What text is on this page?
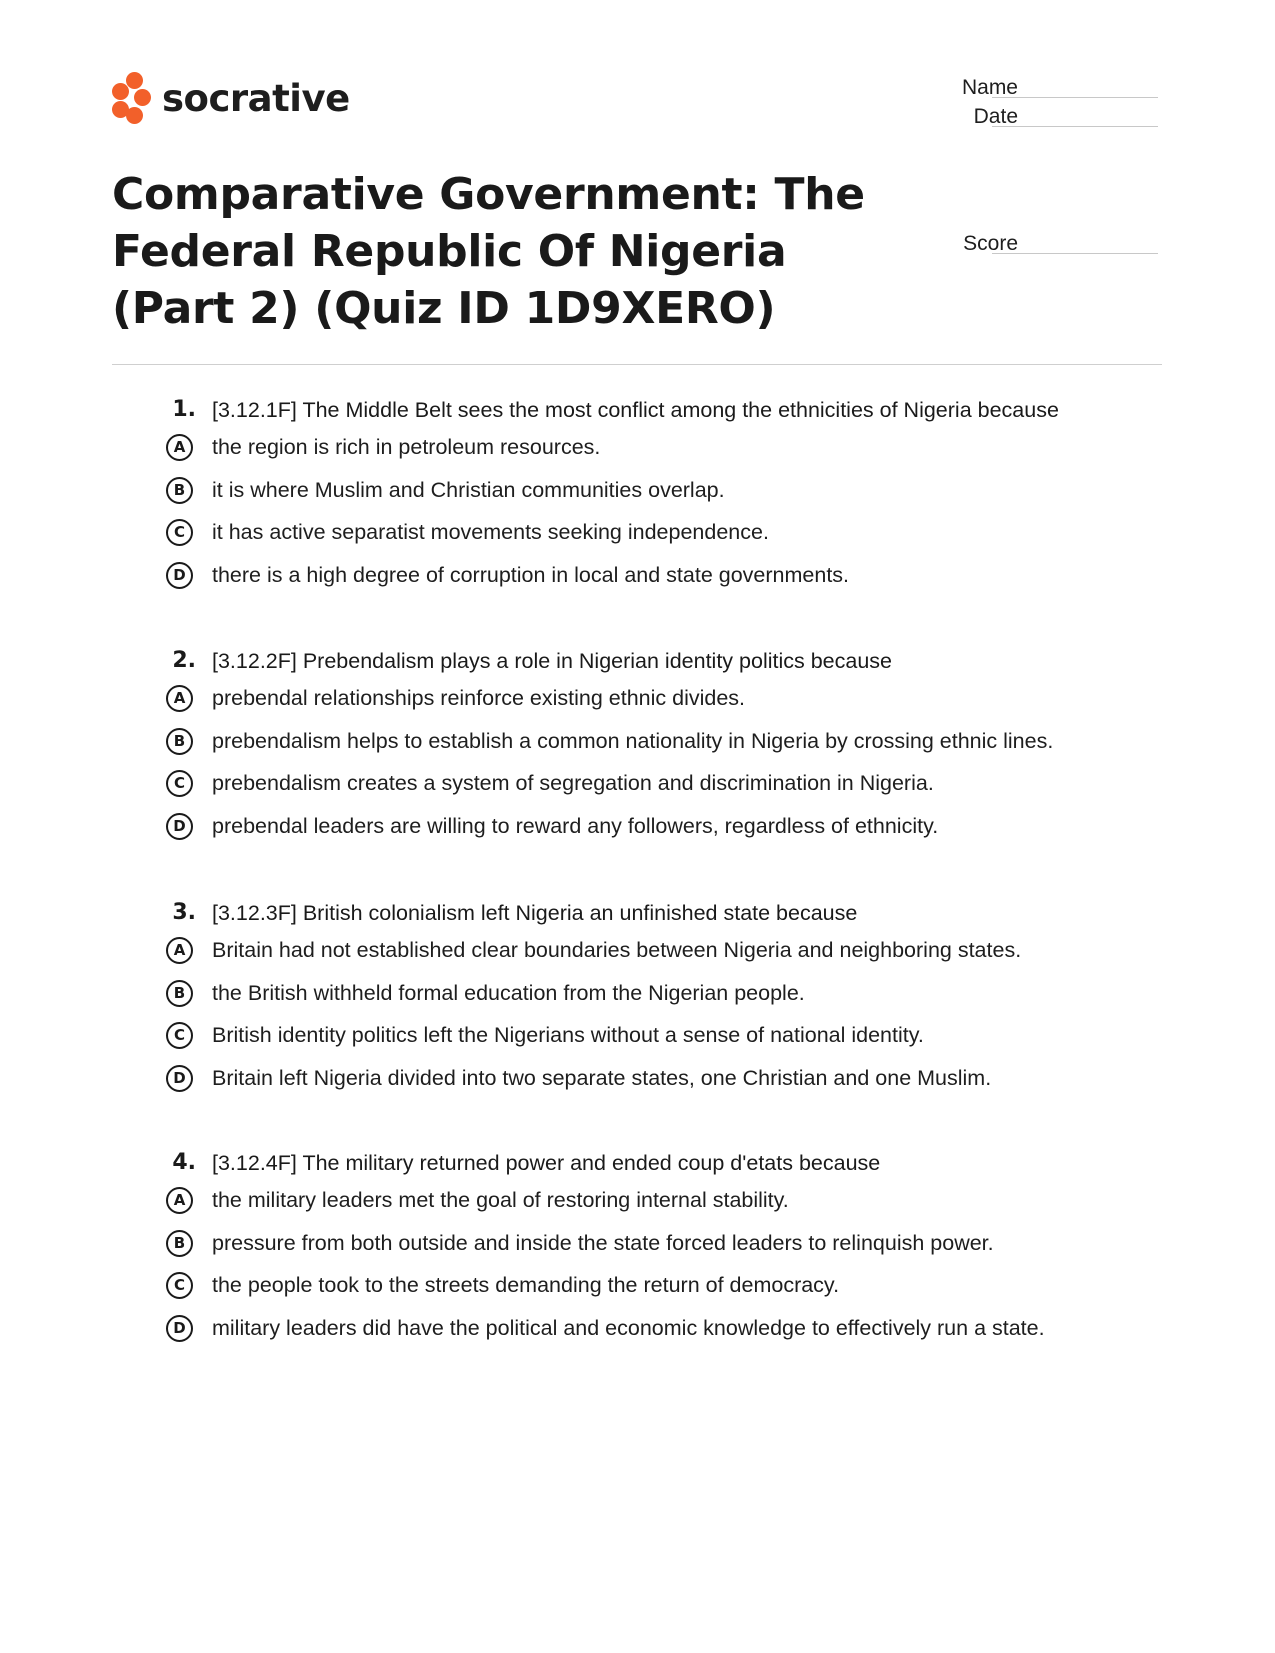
socrative	Name
Date
Score
Comparative Government: The Federal Republic Of Nigeria (Part 2) (Quiz ID 1D9XERO)
1. [3.12.1F] The Middle Belt sees the most conflict among the ethnicities of Nigeria because
A	the region is rich in petroleum resources.
B	it is where Muslim and Christian communities overlap.
C	it has active separatist movements seeking independence.
D	there is a high degree of corruption in local and state governments.
2. [3.12.2F] Prebendalism plays a role in Nigerian identity politics because
A	prebendal relationships reinforce existing ethnic divides.
B	prebendalism helps to establish a common nationality in Nigeria by crossing ethnic lines.
C	prebendalism creates a system of segregation and discrimination in Nigeria.
D	prebendal leaders are willing to reward any followers, regardless of ethnicity.
3. [3.12.3F] British colonialism left Nigeria an unfinished state because
A	Britain had not established clear boundaries between Nigeria and neighboring states.
B	the British withheld formal education from the Nigerian people.
C	British identity politics left the Nigerians without a sense of national identity.
D	Britain left Nigeria divided into two separate states, one Christian and one Muslim.
4. [3.12.4F] The military returned power and ended coup d'etats because
A	the military leaders met the goal of restoring internal stability.
B	pressure from both outside and inside the state forced leaders to relinquish power.
C	the people took to the streets demanding the return of democracy.
D	military leaders did have the political and economic knowledge to effectively run a state.
